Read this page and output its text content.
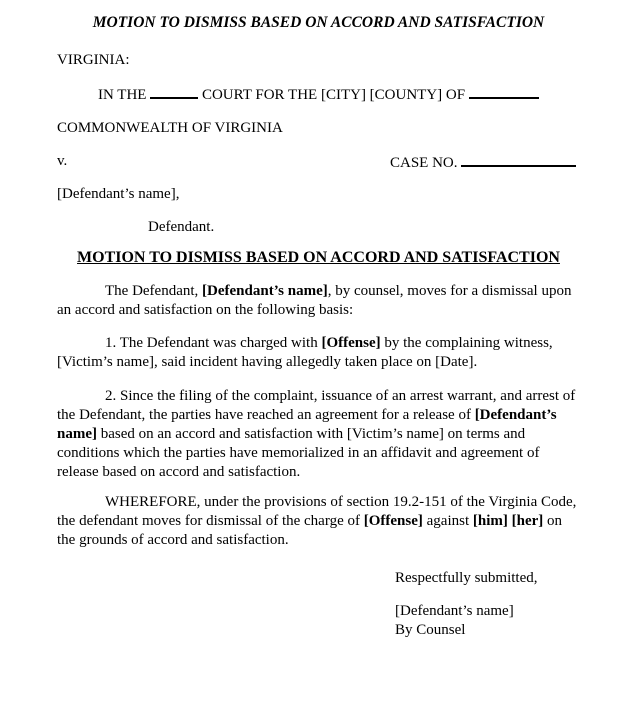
MOTION TO DISMISS BASED ON ACCORD AND SATISFACTION
VIRGINIA:
IN THE	COURT FOR THE [CITY] [COUNTY] OF
COMMONWEALTH OF VIRGINIA
v.	CASE NO.
[Defendant’s name],
Defendant.
MOTION TO DISMISS BASED ON ACCORD AND SATISFACTION

The Defendant, [Defendant’s name], by counsel, moves for a dismissal upon an accord and satisfaction on the following basis:

1. The Defendant was charged with [Offense] by the complaining witness, [Victim’s name], said incident having allegedly taken place on [Date].

2. Since the filing of the complaint, issuance of an arrest warrant, and arrest of the Defendant, the parties have reached an agreement for a release of [Defendant’s name] based on an accord and satisfaction with [Victim’s name] on terms and conditions which the parties have memorialized in an affidavit and agreement of release based on accord and satisfaction.

WHEREFORE, under the provisions of section 19.2-151 of the Virginia Code, the defendant moves for dismissal of the charge of [Offense] against [him] [her] on the grounds of accord and satisfaction.

Respectfully submitted,
[Defendant’s name]
By Counsel
